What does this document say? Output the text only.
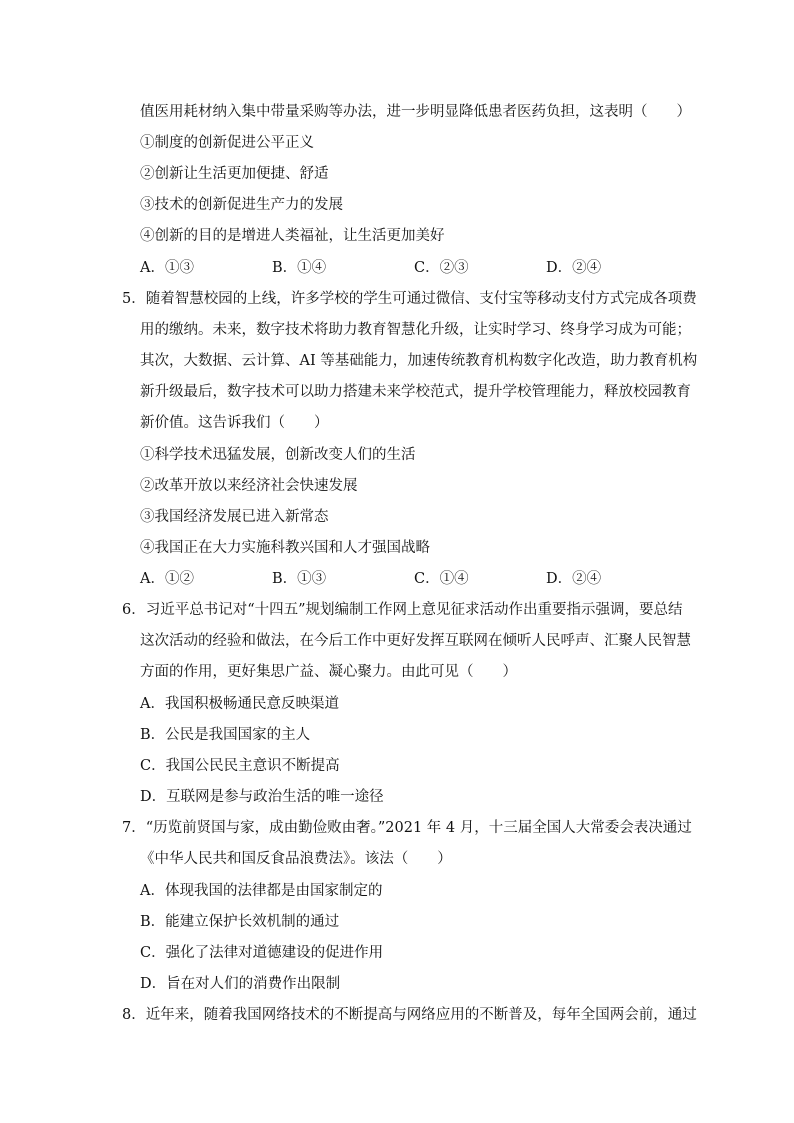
值医用耗材纳入集中带量采购等办法，进一步明显降低患者医药负担，这表明（　　）
①制度的创新促进公平正义
②创新让生活更加便捷、舒适
③技术的创新促进生产力的发展
④创新的目的是增进人类福祉，让生活更加美好
A．①③	B．①④	C．②③	D．②④
5．随着智慧校园的上线，许多学校的学生可通过微信、支付宝等移动支付方式完成各项费
用的缴纳。未来，数字技术将助力教育智慧化升级，让实时学习、终身学习成为可能；
其次，大数据、云计算、AI 等基础能力，加速传统教育机构数字化改造，助力教育机构
新升级最后，数字技术可以助力搭建未来学校范式，提升学校管理能力，释放校园教育
新价值。这告诉我们（　　）
①科学技术迅猛发展，创新改变人们的生活
②改革开放以来经济社会快速发展
③我国经济发展已进入新常态
④我国正在大力实施科教兴国和人才强国战略
A．①②	B．①③	C．①④	D．②④
6．习近平总书记对“十四五”规划编制工作网上意见征求活动作出重要指示强调，要总结
这次活动的经验和做法，在今后工作中更好发挥互联网在倾听人民呼声、汇聚人民智慧
方面的作用，更好集思广益、凝心聚力。由此可见（　　）
A．我国积极畅通民意反映渠道
B．公民是我国国家的主人
C．我国公民民主意识不断提高
D．互联网是参与政治生活的唯一途径
7．“历览前贤国与家，成由勤俭败由奢。”2021 年 4 月，十三届全国人大常委会表决通过
《中华人民共和国反食品浪费法》。该法（　　）
A．体现我国的法律都是由国家制定的
B．能建立保护长效机制的通过
C．强化了法律对道德建设的促进作用
D．旨在对人们的消费作出限制
8．近年来，随着我国网络技术的不断提高与网络应用的不断普及，每年全国两会前，通过
